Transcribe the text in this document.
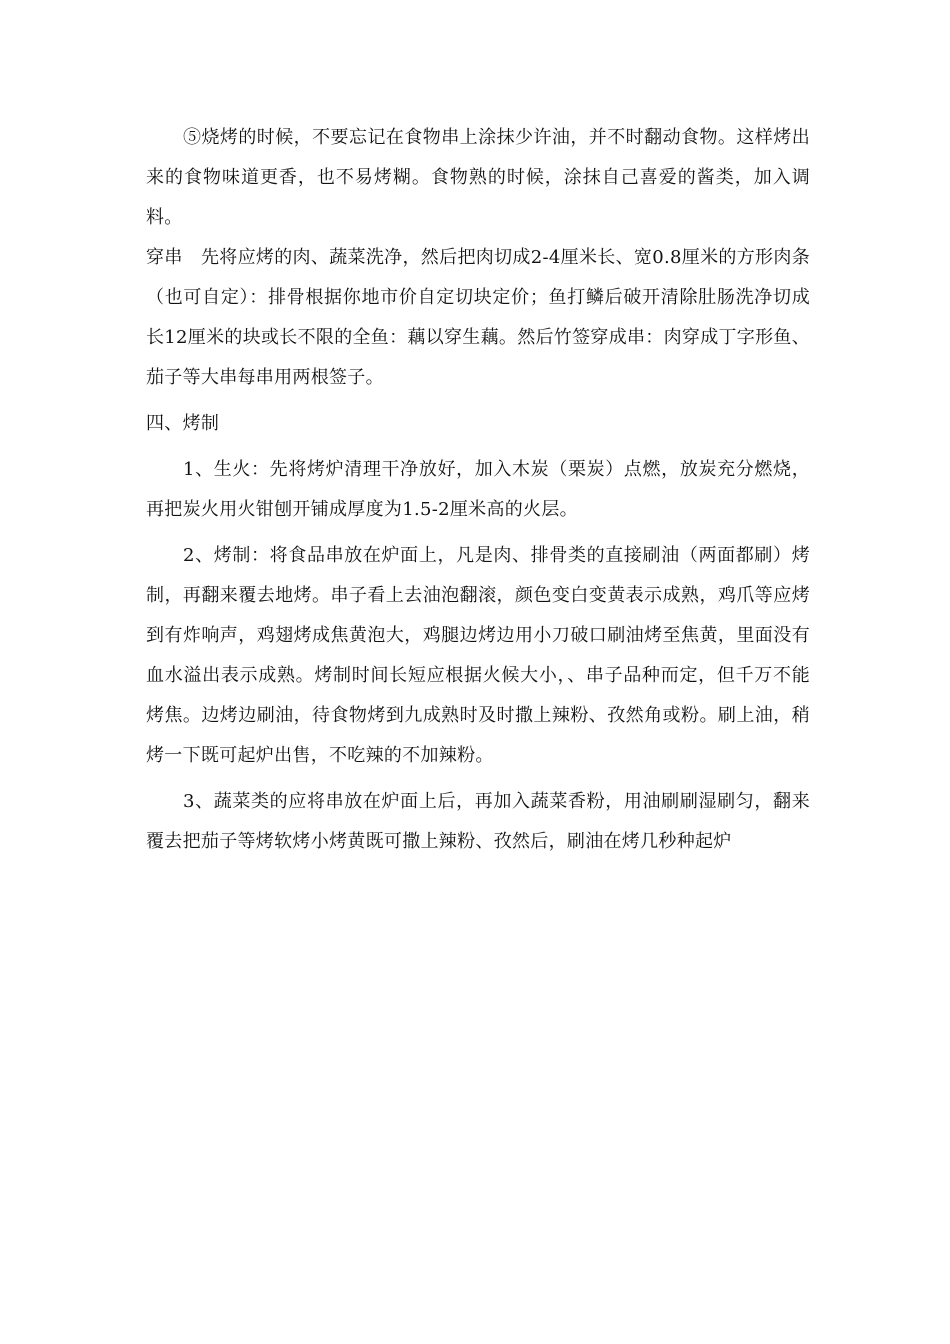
⑤烧烤的时候，不要忘记在食物串上涂抹少许油，并不时翻动食物。这样烤出来的食物味道更香，也不易烤糊。食物熟的时候，涂抹自己喜爱的酱类，加入调料。

穿串　先将应烤的肉、蔬菜洗净，然后把肉切成2-4厘米长、宽0.8厘米的方形肉条（也可自定）：排骨根据你地市价自定切块定价；鱼打鳞后破开清除肚肠洗净切成长12厘米的块或长不限的全鱼：藕以穿生藕。然后竹签穿成串：肉穿成丁字形鱼、茄子等大串每串用两根签子。

四、烤制

1、生火：先将烤炉清理干净放好，加入木炭（栗炭）点燃，放炭充分燃烧，再把炭火用火钳刨开铺成厚度为1.5-2厘米高的火层。

2、烤制：将食品串放在炉面上，凡是肉、排骨类的直接刷油（两面都刷）烤制，再翻来覆去地烤。串子看上去油泡翻滚，颜色变白变黄表示成熟，鸡爪等应烤到有炸响声，鸡翅烤成焦黄泡大，鸡腿边烤边用小刀破口刷油烤至焦黄，里面没有血水溢出表示成熟。烤制时间长短应根据火候大小，、串子品种而定，但千万不能烤焦。边烤边刷油，待食物烤到九成熟时及时撒上辣粉、孜然角或粉。刷上油，稍烤一下既可起炉出售，不吃辣的不加辣粉。

3、蔬菜类的应将串放在炉面上后，再加入蔬菜香粉，用油刷刷湿刷匀，翻来覆去把茄子等烤软烤小烤黄既可撒上辣粉、孜然后，刷油在烤几秒种起炉
